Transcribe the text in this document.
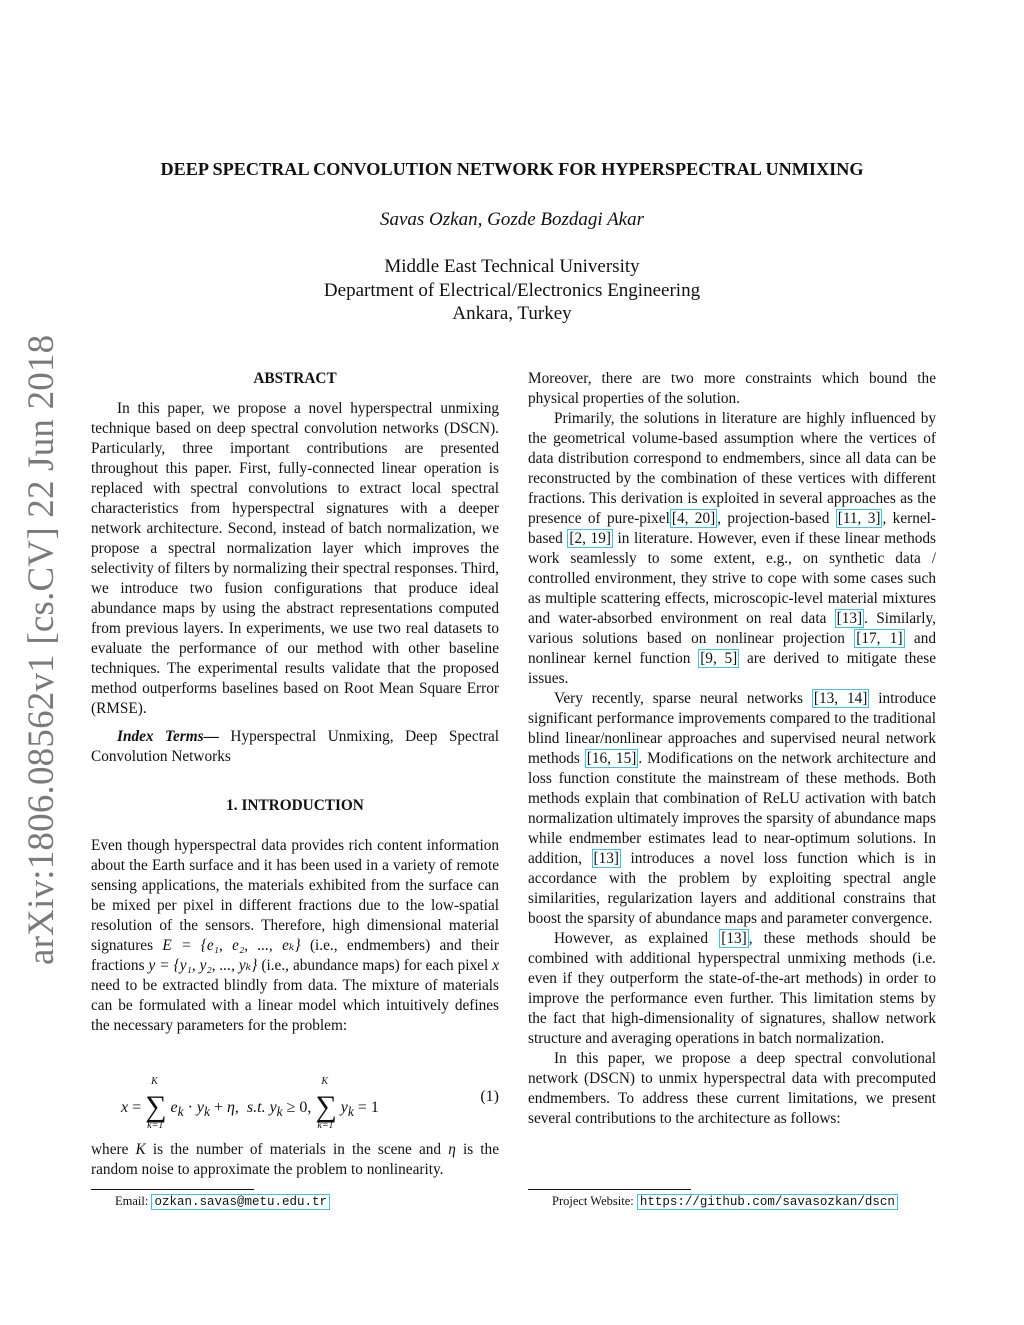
arXiv:1806.08562v1 [cs.CV] 22 Jun 2018
DEEP SPECTRAL CONVOLUTION NETWORK FOR HYPERSPECTRAL UNMIXING
Savas Ozkan, Gozde Bozdagi Akar
Middle East Technical University
Department of Electrical/Electronics Engineering
Ankara, Turkey
ABSTRACT

In this paper, we propose a novel hyperspectral unmixing technique based on deep spectral convolution networks (DSCN). Particularly, three important contributions are presented throughout this paper. First, fully-connected linear operation is replaced with spectral convolutions to extract local spectral characteristics from hyperspectral signatures with a deeper network architecture. Second, instead of batch normalization, we propose a spectral normalization layer which improves the selectivity of filters by normalizing their spectral responses. Third, we introduce two fusion configurations that produce ideal abundance maps by using the abstract representations computed from previous layers. In experiments, we use two real datasets to evaluate the performance of our method with other baseline techniques. The experimental results validate that the proposed method outperforms baselines based on Root Mean Square Error (RMSE).

Index Terms— Hyperspectral Unmixing, Deep Spectral Convolution Networks

1. INTRODUCTION

Even though hyperspectral data provides rich content information about the Earth surface and it has been used in a variety of remote sensing applications, the materials exhibited from the surface can be mixed per pixel in different fractions due to the low-spatial resolution of the sensors. Therefore, high dimensional material signatures E = {e₁, e₂, ..., eₖ} (i.e., endmembers) and their fractions y = {y₁, y₂, ..., yₖ} (i.e., abundance maps) for each pixel x need to be extracted blindly from data. The mixture of materials can be formulated with a linear model which intuitively defines the necessary parameters for the problem:

x = ∑
K
k=1
$e_k \cdot y_k + \eta$,  s.t. $y_k \ge 0$, ∑
K
k=1
$y_k = 1$
(1)

where K is the number of materials in the scene and η is the random noise to approximate the problem to nonlinearity.

Email: ozkan.savas@metu.edu.tr

Moreover, there are two more constraints which bound the physical properties of the solution.

Primarily, the solutions in literature are highly influenced by the geometrical volume-based assumption where the vertices of data distribution correspond to endmembers, since all data can be reconstructed by the combination of these vertices with different fractions. This derivation is exploited in several approaches as the presence of pure-pixel [4, 20] , projection-based [11, 3] , kernel-based [2, 19] in literature. However, even if these linear methods work seamlessly to some extent, e.g., on synthetic data / controlled environment, they strive to cope with some cases such as multiple scattering effects, microscopic-level material mixtures and water-absorbed environment on real data [13] . Similarly, various solutions based on nonlinear projection [17, 1] and nonlinear kernel function [9, 5] are derived to mitigate these issues.

Very recently, sparse neural networks [13, 14] introduce significant performance improvements compared to the traditional blind linear/nonlinear approaches and supervised neural network methods [16, 15] . Modifications on the network architecture and loss function constitute the mainstream of these methods. Both methods explain that combination of ReLU activation with batch normalization ultimately improves the sparsity of abundance maps while endmember estimates lead to near-optimum solutions. In addition, [13] introduces a novel loss function which is in accordance with the problem by exploiting spectral angle similarities, regularization layers and additional constrains that boost the sparsity of abundance maps and parameter convergence.

However, as explained [13] , these methods should be combined with additional hyperspectral unmixing methods (i.e. even if they outperform the state-of-the-art methods) in order to improve the performance even further. This limitation stems by the fact that high-dimensionality of signatures, shallow network structure and averaging operations in batch normalization.

In this paper, we propose a deep spectral convolutional network (DSCN) to unmix hyperspectral data with precomputed endmembers. To address these current limitations, we present several contributions to the architecture as follows:

Project Website: https://github.com/savasozkan/dscn
